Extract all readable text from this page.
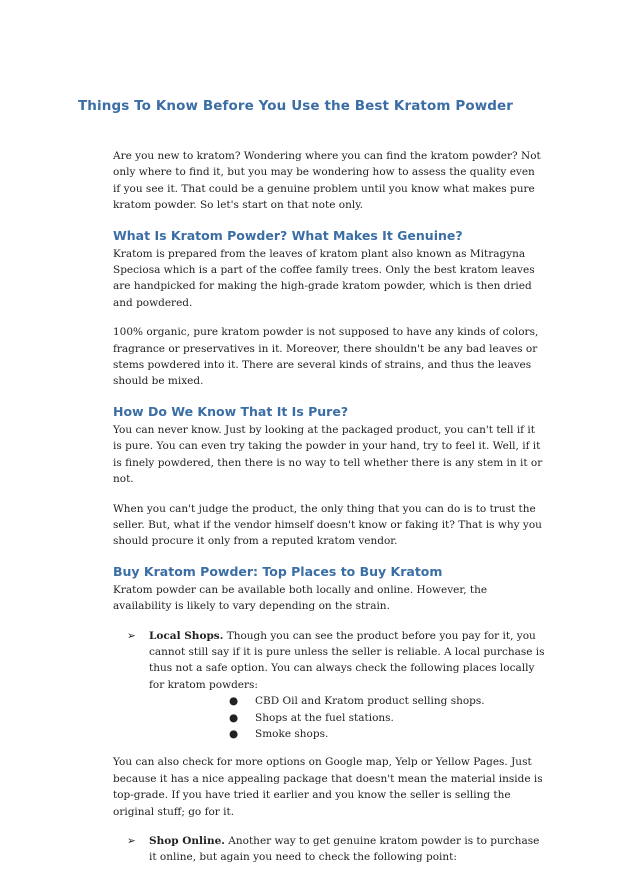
Things To Know Before You Use the Best Kratom Powder

Are you new to kratom? Wondering where you can find the kratom powder? Not only where to find it, but you may be wondering how to assess the quality even if you see it. That could be a genuine problem until you know what makes pure kratom powder. So let's start on that note only.

What Is Kratom Powder? What Makes It Genuine?

Kratom is prepared from the leaves of kratom plant also known as Mitragyna Speciosa which is a part of the coffee family trees. Only the best kratom leaves are handpicked for making the high-grade kratom powder, which is then dried and powdered.

100% organic, pure kratom powder is not supposed to have any kinds of colors, fragrance or preservatives in it. Moreover, there shouldn't be any bad leaves or stems powdered into it. There are several kinds of strains, and thus the leaves should be mixed.

How Do We Know That It Is Pure?

You can never know. Just by looking at the packaged product, you can't tell if it is pure. You can even try taking the powder in your hand, try to feel it. Well, if it is finely powdered, then there is no way to tell whether there is any stem in it or not.

When you can't judge the product, the only thing that you can do is to trust the seller. But, what if the vendor himself doesn't know or faking it? That is why you should procure it only from a reputed kratom vendor.

Buy Kratom Powder: Top Places to Buy Kratom

Kratom powder can be available both locally and online. However, the availability is likely to vary depending on the strain.

➢ Local Shops. Though you can see the product before you pay for it, you cannot still say if it is pure unless the seller is reliable. A local purchase is thus not a safe option. You can always check the following places locally for kratom powders:
● CBD Oil and Kratom product selling shops.
● Shops at the fuel stations.
● Smoke shops.

You can also check for more options on Google map, Yelp or Yellow Pages. Just because it has a nice appealing package that doesn't mean the material inside is top-grade. If you have tried it earlier and you know the seller is selling the original stuff; go for it.

➢ Shop Online. Another way to get genuine kratom powder is to purchase it online, but again you need to check the following point:
